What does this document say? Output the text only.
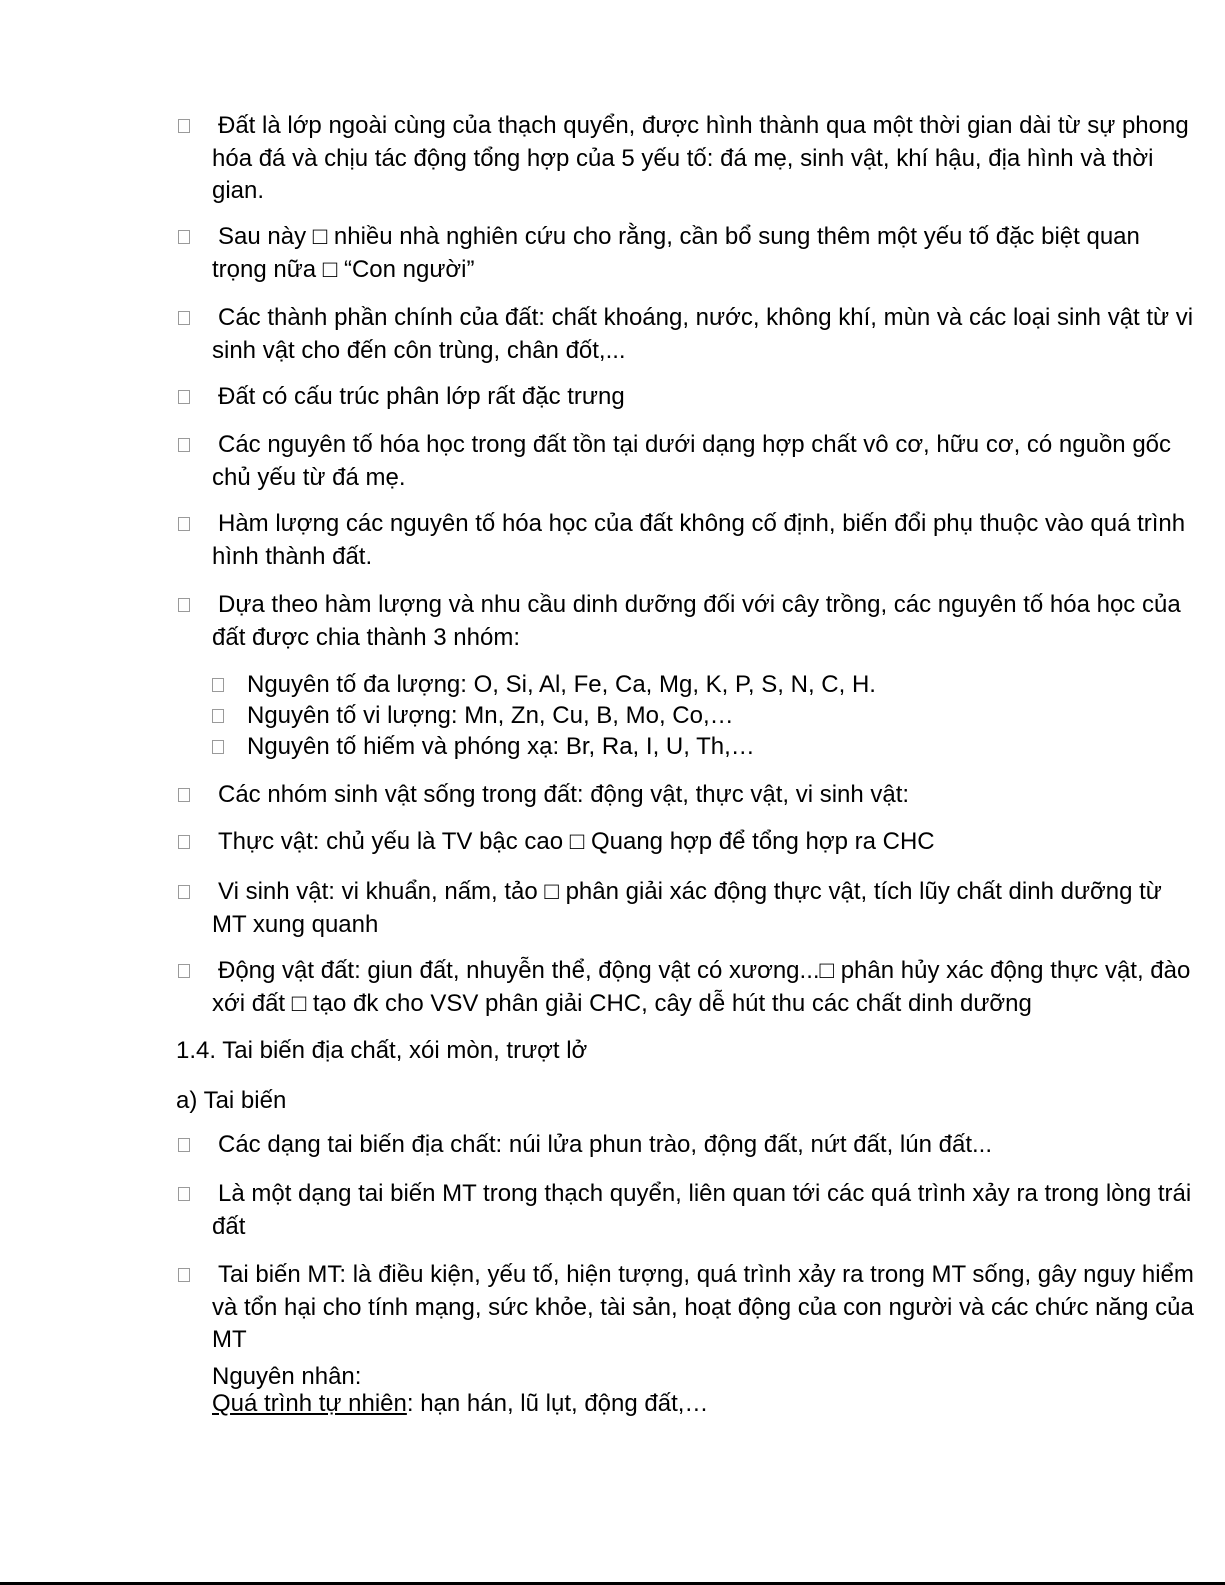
Đất là lớp ngoài cùng của thạch quyển, được hình thành qua một thời gian dài từ sự phong hóa đá và chịu tác động tổng hợp của 5 yếu tố: đá mẹ, sinh vật, khí hậu, địa hình và thời gian.
Sau này □ nhiều nhà nghiên cứu cho rằng, cần bổ sung thêm một yếu tố đặc biệt quan trọng nữa □ “Con người”
Các thành phần chính của đất: chất khoáng, nước, không khí, mùn và các loại sinh vật từ vi sinh vật cho đến côn trùng, chân đốt,...
Đất có cấu trúc phân lớp rất đặc trưng
Các nguyên tố hóa học trong đất tồn tại dưới dạng hợp chất vô cơ, hữu cơ, có nguồn gốc chủ yếu từ đá mẹ.
Hàm lượng các nguyên tố hóa học của đất không cố định, biến đổi phụ thuộc vào quá trình hình thành đất.
Dựa theo hàm lượng và nhu cầu dinh dưỡng đối với cây trồng, các nguyên tố hóa học của đất được chia thành 3 nhóm:
Nguyên tố đa lượng: O, Si, Al, Fe, Ca, Mg, K, P, S, N, C, H.
Nguyên tố vi lượng: Mn, Zn, Cu, B, Mo, Co,…
Nguyên tố hiếm và phóng xạ: Br, Ra, I, U, Th,…
Các nhóm sinh vật sống trong đất: động vật, thực vật, vi sinh vật:
Thực vật: chủ yếu là TV bậc cao □ Quang hợp để tổng hợp ra CHC
Vi sinh vật: vi khuẩn, nấm, tảo □ phân giải xác động thực vật, tích lũy chất dinh dưỡng từ MT xung quanh
Động vật đất: giun đất, nhuyễn thể, động vật có xương...□ phân hủy xác động thực vật, đào xới đất □ tạo đk cho VSV phân giải CHC, cây dễ hút thu các chất dinh dưỡng
1.4. Tai biến địa chất, xói mòn, trượt lở
a) Tai biến
Các dạng tai biến địa chất: núi lửa phun trào, động đất, nứt đất, lún đất...
Là một dạng tai biến MT trong thạch quyển, liên quan tới các quá trình xảy ra trong lòng trái đất
Tai biến MT: là điều kiện, yếu tố, hiện tượng, quá trình xảy ra trong MT sống, gây nguy hiểm và tổn hại cho tính mạng, sức khỏe, tài sản, hoạt động của con người và các chức năng của MT
Nguyên nhân:
Quá trình tự nhiên: hạn hán, lũ lụt, động đất,…
